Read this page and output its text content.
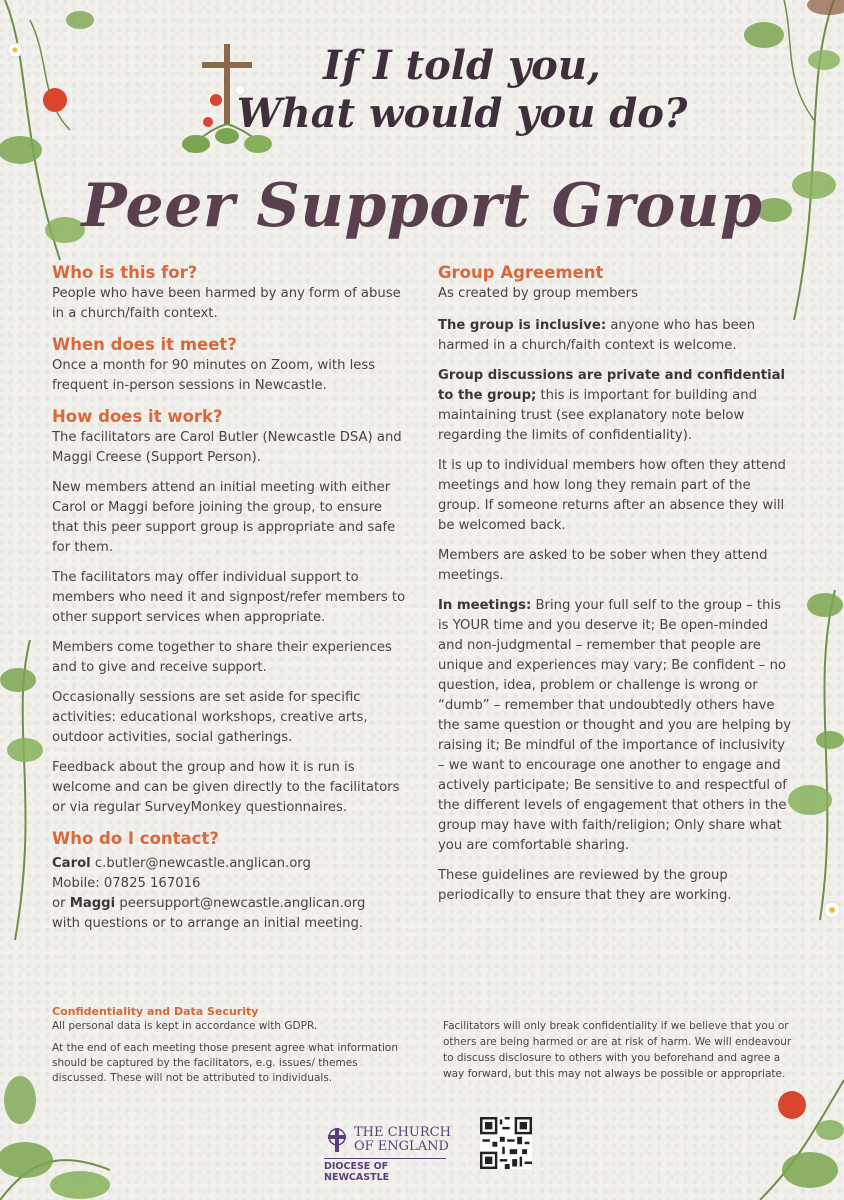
If I told you,
What would you do?
Peer Support Group
Who is this for?

People who have been harmed by any form of abuse in a church/faith context.

When does it meet?

Once a month for 90 minutes on Zoom, with less frequent in-person sessions in Newcastle.

How does it work?

The facilitators are Carol Butler (Newcastle DSA) and Maggi Creese (Support Person).

New members attend an initial meeting with either Carol or Maggi before joining the group, to ensure that this peer support group is appropriate and safe for them.

The facilitators may offer individual support to members who need it and signpost/refer members to other support services when appropriate.

Members come together to share their experiences and to give and receive support.

Occasionally sessions are set aside for specific activities: educational workshops, creative arts, outdoor activities, social gatherings.

Feedback about the group and how it is run is welcome and can be given directly to the facilitators or via regular SurveyMonkey questionnaires.

Who do I contact?
Carol c.butler@newcastle.anglican.org
Mobile: 07825 167016
or Maggi peersupport@newcastle.anglican.org
with questions or to arrange an initial meeting.
Group Agreement

As created by group members

The group is inclusive: anyone who has been harmed in a church/faith context is welcome.

Group discussions are private and confidential to the group; this is important for building and maintaining trust (see explanatory note below regarding the limits of confidentiality).

It is up to individual members how often they attend meetings and how long they remain part of the group. If someone returns after an absence they will be welcomed back.

Members are asked to be sober when they attend meetings.

In meetings: Bring your full self to the group – this is YOUR time and you deserve it; Be open-minded and non-judgmental – remember that people are unique and experiences may vary; Be confident – no question, idea, problem or challenge is wrong or “dumb” – remember that undoubtedly others have the same question or thought and you are helping by raising it; Be mindful of the importance of inclusivity – we want to encourage one another to engage and actively participate; Be sensitive to and respectful of the different levels of engagement that others in the group may have with faith/religion; Only share what you are comfortable sharing.

These guidelines are reviewed by the group periodically to ensure that they are working.

Confidentiality and Data Security
All personal data is kept in accordance with GDPR.
At the end of each meeting those present agree what information should be captured by the facilitators, e.g. issues/ themes discussed. These will not be attributed to individuals.
Facilitators will only break confidentiality if we believe that you or others are being harmed or are at risk of harm. We will endeavour to discuss disclosure to others with you beforehand and agree a way forward, but this may not always be possible or appropriate.
THE CHURCH
OF ENGLAND
DIOCESE OF NEWCASTLE
